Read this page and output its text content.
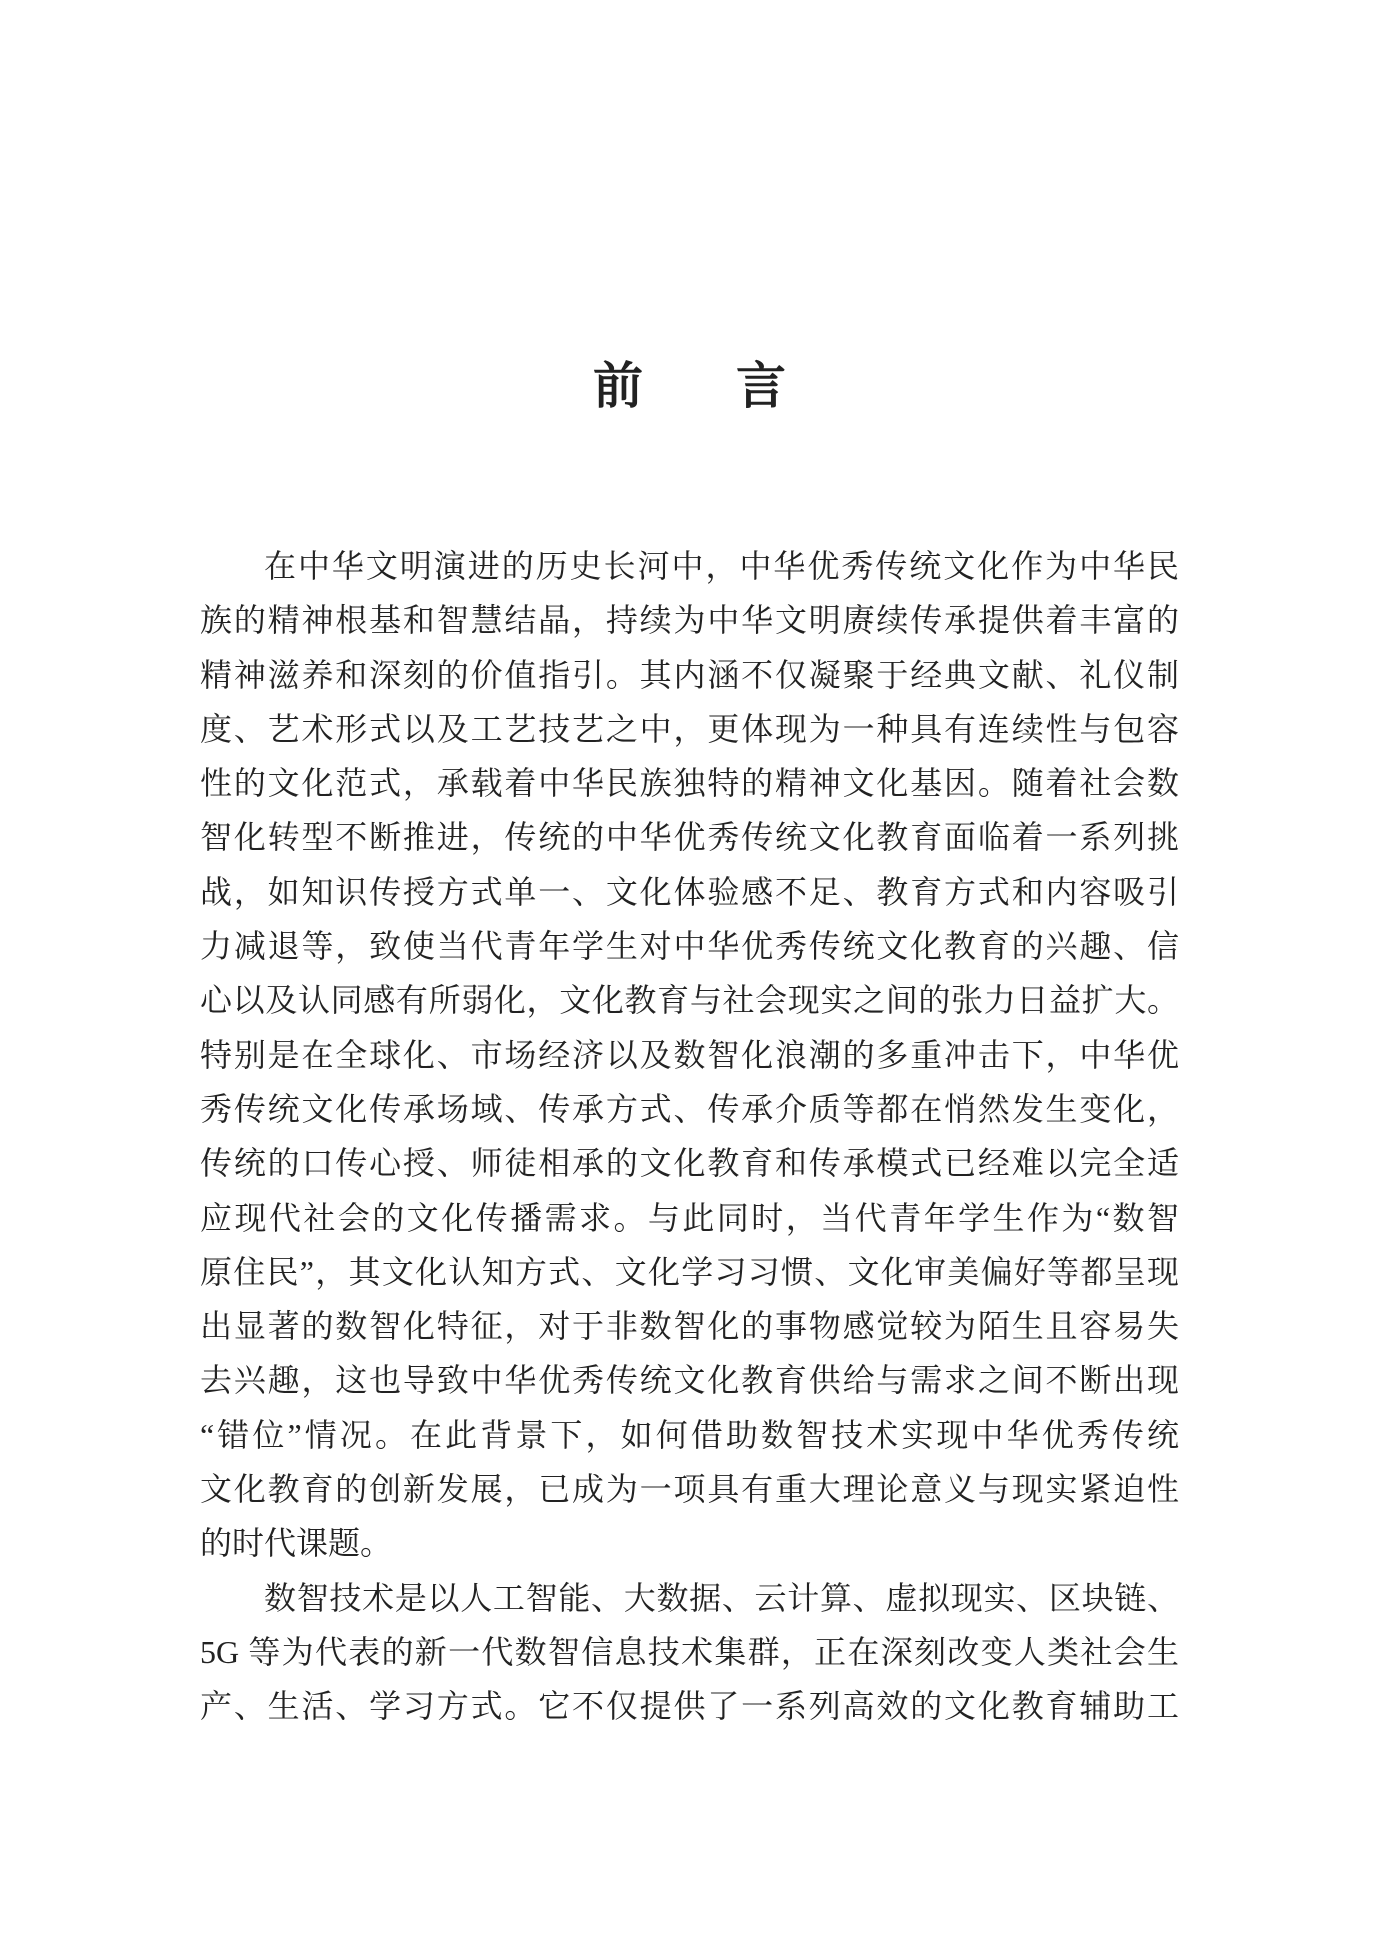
前言
在中华文明演进的历史长河中，中华优秀传统文化作为中华民
族的精神根基和智慧结晶，持续为中华文明赓续传承提供着丰富的
精神滋养和深刻的价值指引。其内涵不仅凝聚于经典文献、礼仪制
度、艺术形式以及工艺技艺之中，更体现为一种具有连续性与包容
性的文化范式，承载着中华民族独特的精神文化基因。随着社会数
智化转型不断推进，传统的中华优秀传统文化教育面临着一系列挑
战，如知识传授方式单一、文化体验感不足、教育方式和内容吸引
力减退等，致使当代青年学生对中华优秀传统文化教育的兴趣、信
心以及认同感有所弱化，文化教育与社会现实之间的张力日益扩大。
特别是在全球化、市场经济以及数智化浪潮的多重冲击下，中华优
秀传统文化传承场域、传承方式、传承介质等都在悄然发生变化，
传统的口传心授、师徒相承的文化教育和传承模式已经难以完全适
应现代社会的文化传播需求。与此同时，当代青年学生作为“数智
原住民”，其文化认知方式、文化学习习惯、文化审美偏好等都呈现
出显著的数智化特征，对于非数智化的事物感觉较为陌生且容易失
去兴趣，这也导致中华优秀传统文化教育供给与需求之间不断出现
“错位”情况。在此背景下，如何借助数智技术实现中华优秀传统
文化教育的创新发展，已成为一项具有重大理论意义与现实紧迫性
的时代课题。
数智技术是以人工智能、大数据、云计算、虚拟现实、区块链、
5G 等为代表的新一代数智信息技术集群，正在深刻改变人类社会生
产、生活、学习方式。它不仅提供了一系列高效的文化教育辅助工
